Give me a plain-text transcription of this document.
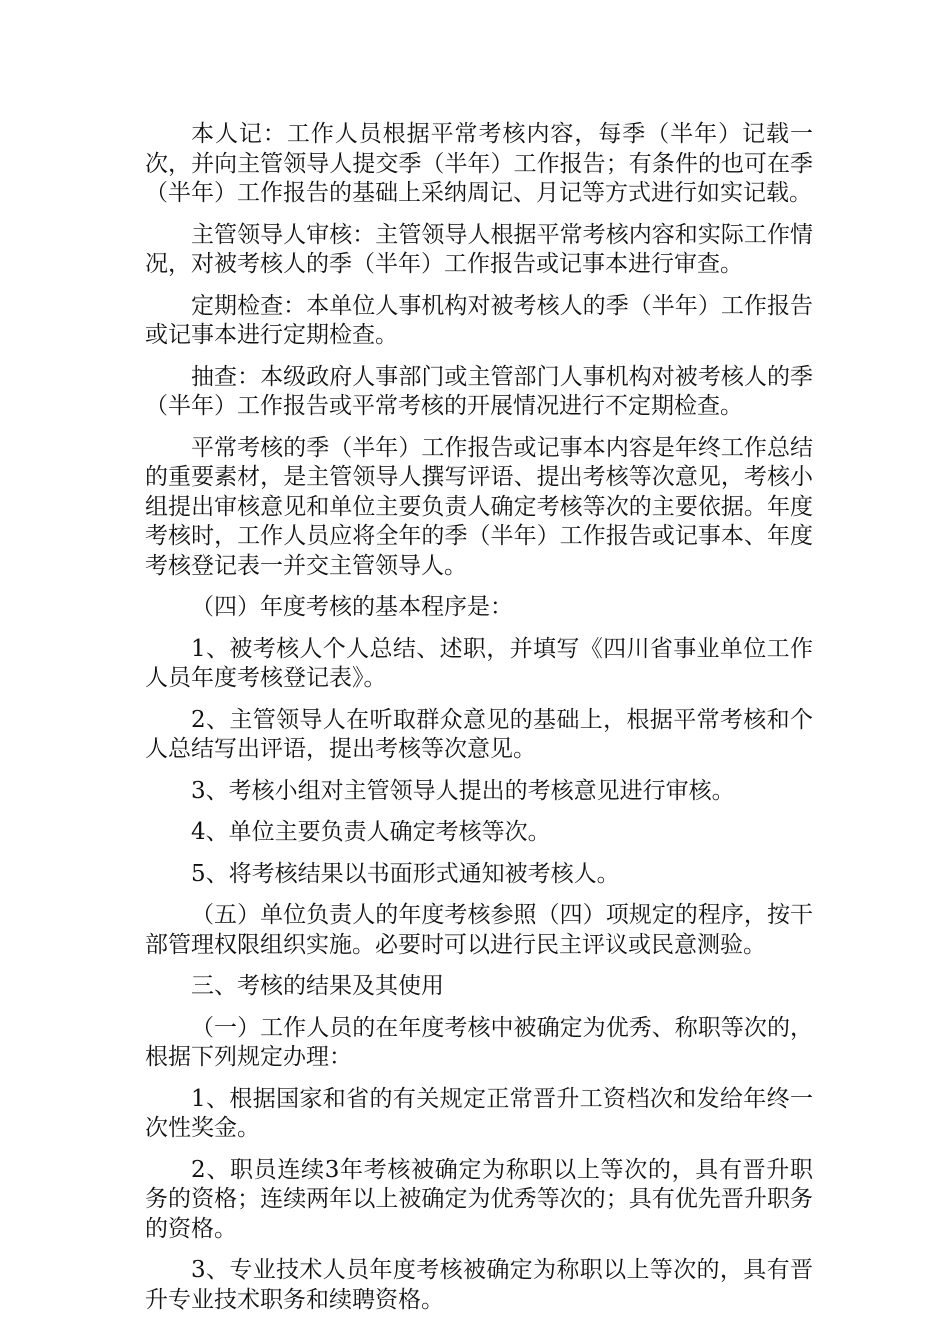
本人记：工作人员根据平常考核内容，每季（半年）记载一次，并向主管领导人提交季（半年）工作报告；有条件的也可在季（半年）工作报告的基础上采纳周记、月记等方式进行如实记载。

主管领导人审核：主管领导人根据平常考核内容和实际工作情况，对被考核人的季（半年）工作报告或记事本进行审查。

定期检查：本单位人事机构对被考核人的季（半年）工作报告或记事本进行定期检查。

抽查：本级政府人事部门或主管部门人事机构对被考核人的季（半年）工作报告或平常考核的开展情况进行不定期检查。

平常考核的季（半年）工作报告或记事本内容是年终工作总结的重要素材，是主管领导人撰写评语、提出考核等次意见，考核小组提出审核意见和单位主要负责人确定考核等次的主要依据。年度考核时，工作人员应将全年的季（半年）工作报告或记事本、年度考核登记表一并交主管领导人。

（四）年度考核的基本程序是：

1、被考核人个人总结、述职，并填写《四川省事业单位工作人员年度考核登记表》。

2、主管领导人在听取群众意见的基础上，根据平常考核和个人总结写出评语，提出考核等次意见。

3、考核小组对主管领导人提出的考核意见进行审核。

4、单位主要负责人确定考核等次。

5、将考核结果以书面形式通知被考核人。

（五）单位负责人的年度考核参照（四）项规定的程序，按干部管理权限组织实施。必要时可以进行民主评议或民意测验。

三、考核的结果及其使用

（一）工作人员的在年度考核中被确定为优秀、称职等次的，根据下列规定办理：

1、根据国家和省的有关规定正常晋升工资档次和发给年终一次性奖金。

2、职员连续3年考核被确定为称职以上等次的，具有晋升职务的资格；连续两年以上被确定为优秀等次的；具有优先晋升职务的资格。

3、专业技术人员年度考核被确定为称职以上等次的，具有晋升专业技术职务和续聘资格。
